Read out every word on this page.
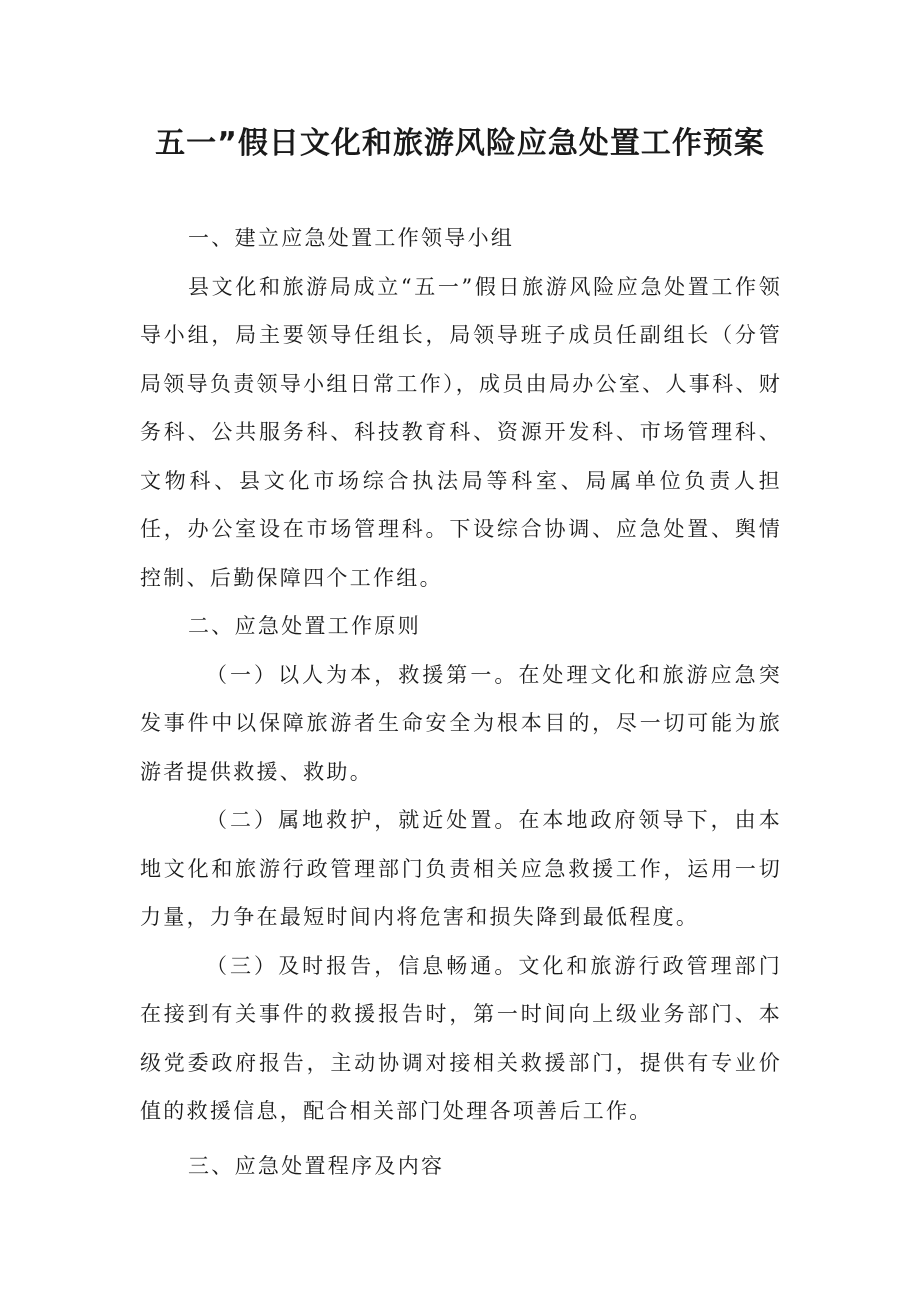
五一”假日文化和旅游风险应急处置工作预案

一、建立应急处置工作领导小组

县文化和旅游局成立“五一”假日旅游风险应急处置工作领导小组，局主要领导任组长，局领导班子成员任副组长（分管局领导负责领导小组日常工作），成员由局办公室、人事科、财务科、公共服务科、科技教育科、资源开发科、市场管理科、文物科、县文化市场综合执法局等科室、局属单位负责人担任，办公室设在市场管理科。下设综合协调、应急处置、舆情控制、后勤保障四个工作组。

二、应急处置工作原则

（一）以人为本，救援第一。在处理文化和旅游应急突发事件中以保障旅游者生命安全为根本目的，尽一切可能为旅游者提供救援、救助。

（二）属地救护，就近处置。在本地政府领导下，由本地文化和旅游行政管理部门负责相关应急救援工作，运用一切力量，力争在最短时间内将危害和损失降到最低程度。

（三）及时报告，信息畅通。文化和旅游行政管理部门在接到有关事件的救援报告时，第一时间向上级业务部门、本级党委政府报告，主动协调对接相关救援部门，提供有专业价值的救援信息，配合相关部门处理各项善后工作。

三、应急处置程序及内容
